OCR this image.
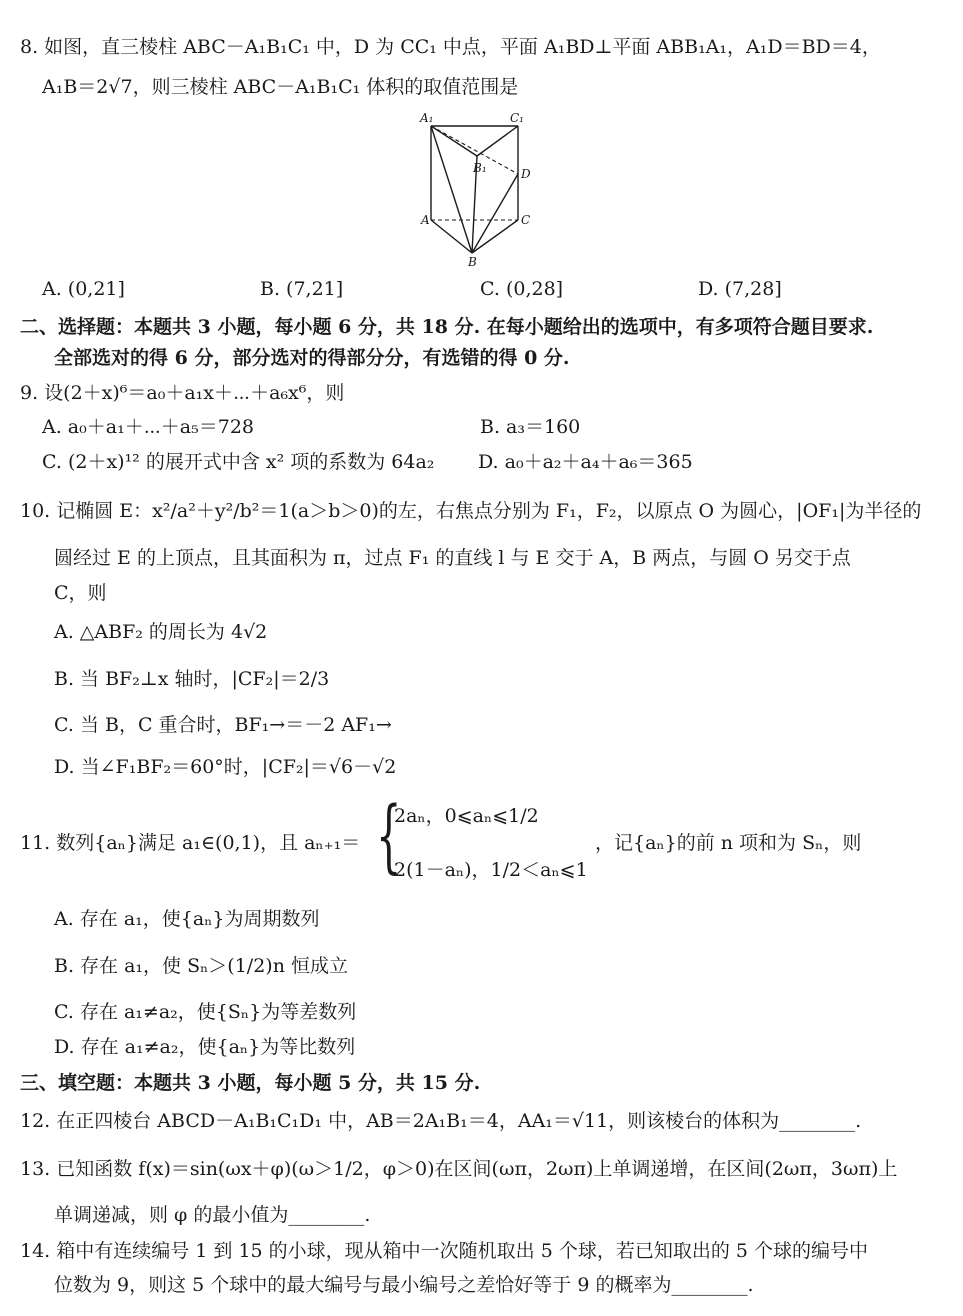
8. 如图，直三棱柱 ABC－A₁B₁C₁ 中，D 为 CC₁ 中点，平面 A₁BD⊥平面 ABB₁A₁，A₁D＝BD＝4，
A₁B＝2√7，则三棱柱 ABC－A₁B₁C₁ 体积的取值范围是
A₁	C₁
B₁	D
A	C
B
A. (0,21]	B. (7,21]	C. (0,28]	D. (7,28]
二、选择题：本题共 3 小题，每小题 6 分，共 18 分. 在每小题给出的选项中，有多项符合题目要求.
全部选对的得 6 分，部分选对的得部分分，有选错的得 0 分.
9. 设(2＋x)⁶＝a₀＋a₁x＋⋯＋a₆x⁶，则
A. a₀＋a₁＋⋯＋a₅＝728	B. a₃＝160
C. (2＋x)¹² 的展开式中含 x² 项的系数为 64a₂ D. a₀＋a₂＋a₄＋a₆＝365
10. 记椭圆 E：x²/a²＋y²/b²＝1(a＞b＞0)的左，右焦点分别为 F₁，F₂，以原点 O 为圆心，|OF₁|为半径的
圆经过 E 的上顶点，且其面积为 π，过点 F₁ 的直线 l 与 E 交于 A，B 两点，与圆 O 另交于点
C，则
A. △ABF₂ 的周长为 4√2
B. 当 BF₂⊥x 轴时，|CF₂|＝2/3
C. 当 B，C 重合时，BF₁→＝－2 AF₁→
D. 当∠F₁BF₂＝60°时，|CF₂|＝√6－√2
11. 数列{aₙ}满足 a₁∈(0,1)，且 aₙ₊₁＝ {
2aₙ，0⩽aₙ⩽1/2
2(1－aₙ)，1/2＜aₙ⩽1
，记{aₙ}的前 n 项和为 Sₙ，则
A. 存在 a₁，使{aₙ}为周期数列
B. 存在 a₁，使 Sₙ＞(1/2)n 恒成立
C. 存在 a₁≠a₂，使{Sₙ}为等差数列
D. 存在 a₁≠a₂，使{aₙ}为等比数列
三、填空题：本题共 3 小题，每小题 5 分，共 15 分.
12. 在正四棱台 ABCD－A₁B₁C₁D₁ 中，AB＝2A₁B₁＝4，AA₁＝√11，则该棱台的体积为________.
13. 已知函数 f(x)＝sin(ωx＋φ)(ω＞1/2，φ＞0)在区间(ωπ，2ωπ)上单调递增，在区间(2ωπ，3ωπ)上
单调递减，则 φ 的最小值为________.
14. 箱中有连续编号 1 到 15 的小球，现从箱中一次随机取出 5 个球，若已知取出的 5 个球的编号中
位数为 9，则这 5 个球中的最大编号与最小编号之差恰好等于 9 的概率为________.
